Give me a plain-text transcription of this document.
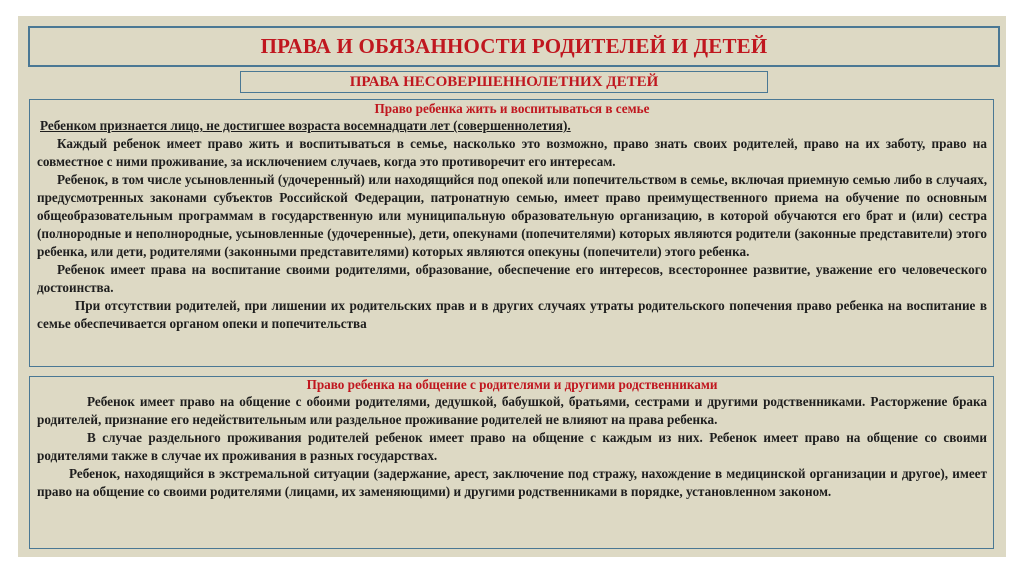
ПРАВА И ОБЯЗАННОСТИ РОДИТЕЛЕЙ И ДЕТЕЙ
ПРАВА НЕСОВЕРШЕННОЛЕТНИХ ДЕТЕЙ

Право ребенка жить и воспитываться в семье

Ребенком признается лицо, не достигшее возраста восемнадцати лет (совершеннолетия).

Каждый ребенок имеет право жить и воспитываться в семье, насколько это возможно, право знать своих родителей, право на их заботу, право на совместное с ними проживание, за исключением случаев, когда это противоречит его интересам.

Ребенок, в том числе усыновленный (удочеренный) или находящийся под опекой или попечительством в семье, включая приемную семью либо в случаях, предусмотренных законами субъектов Российской Федерации, патронатную семью, имеет право преимущественного приема на обучение по основным общеобразовательным программам в государственную или муниципальную образовательную организацию, в которой обучаются его брат и (или) сестра (полнородные и неполнородные, усыновленные (удочеренные), дети, опекунами (попечителями) которых являются родители (законные представители) этого ребенка, или дети, родителями (законными представителями) которых являются опекуны (попечители) этого ребенка.

Ребенок имеет права на воспитание своими родителями, образование, обеспечение его интересов, всестороннее развитие, уважение его человеческого достоинства.

При отсутствии родителей, при лишении их родительских прав и в других случаях утраты родительского попечения право ребенка на воспитание в семье обеспечивается органом опеки и попечительства

Право ребенка на общение с родителями и другими родственниками

Ребенок имеет право на общение с обоими родителями, дедушкой, бабушкой, братьями, сестрами и другими родственниками. Расторжение брака родителей, признание его недействительным или раздельное проживание родителей не влияют на права ребенка.

В случае раздельного проживания родителей ребенок имеет право на общение с каждым из них. Ребенок имеет право на общение со своими родителями также в случае их проживания в разных государствах.

Ребенок, находящийся в экстремальной ситуации (задержание, арест, заключение под стражу, нахождение в медицинской организации и другое), имеет право на общение со своими родителями (лицами, их заменяющими) и другими родственниками в порядке, установленном законом.
